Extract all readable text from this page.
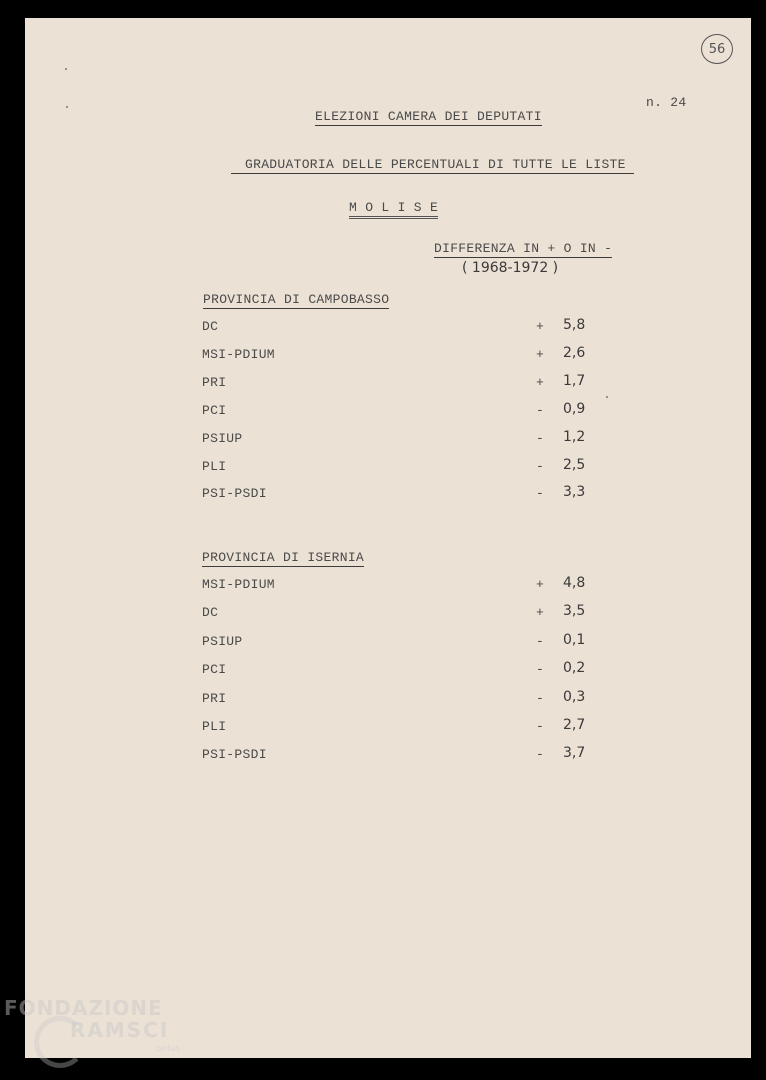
56
n. 24
ELEZIONI CAMERA DEI DEPUTATI
GRADUATORIA DELLE PERCENTUALI DI TUTTE LE LISTE
M O L I S E
DIFFERENZA IN + O IN -
( 1968-1972 )
PROVINCIA DI CAMPOBASSO
DC	+ 5,8
MSI-PDIUM	+ 2,6
PRI	+ 1,7
PCI	- 0,9
PSIUP	- 1,2
PLI	- 2,5
PSI-PSDI	- 3,3
PROVINCIA DI ISERNIA
MSI-PDIUM	+ 4,8
DC	+ 3,5
PSIUP	- 0,1
PCI	- 0,2
PRI	- 0,3
PLI	- 2,7
PSI-PSDI	- 3,7
FONDAZIONE
RAMSCI
onlus
